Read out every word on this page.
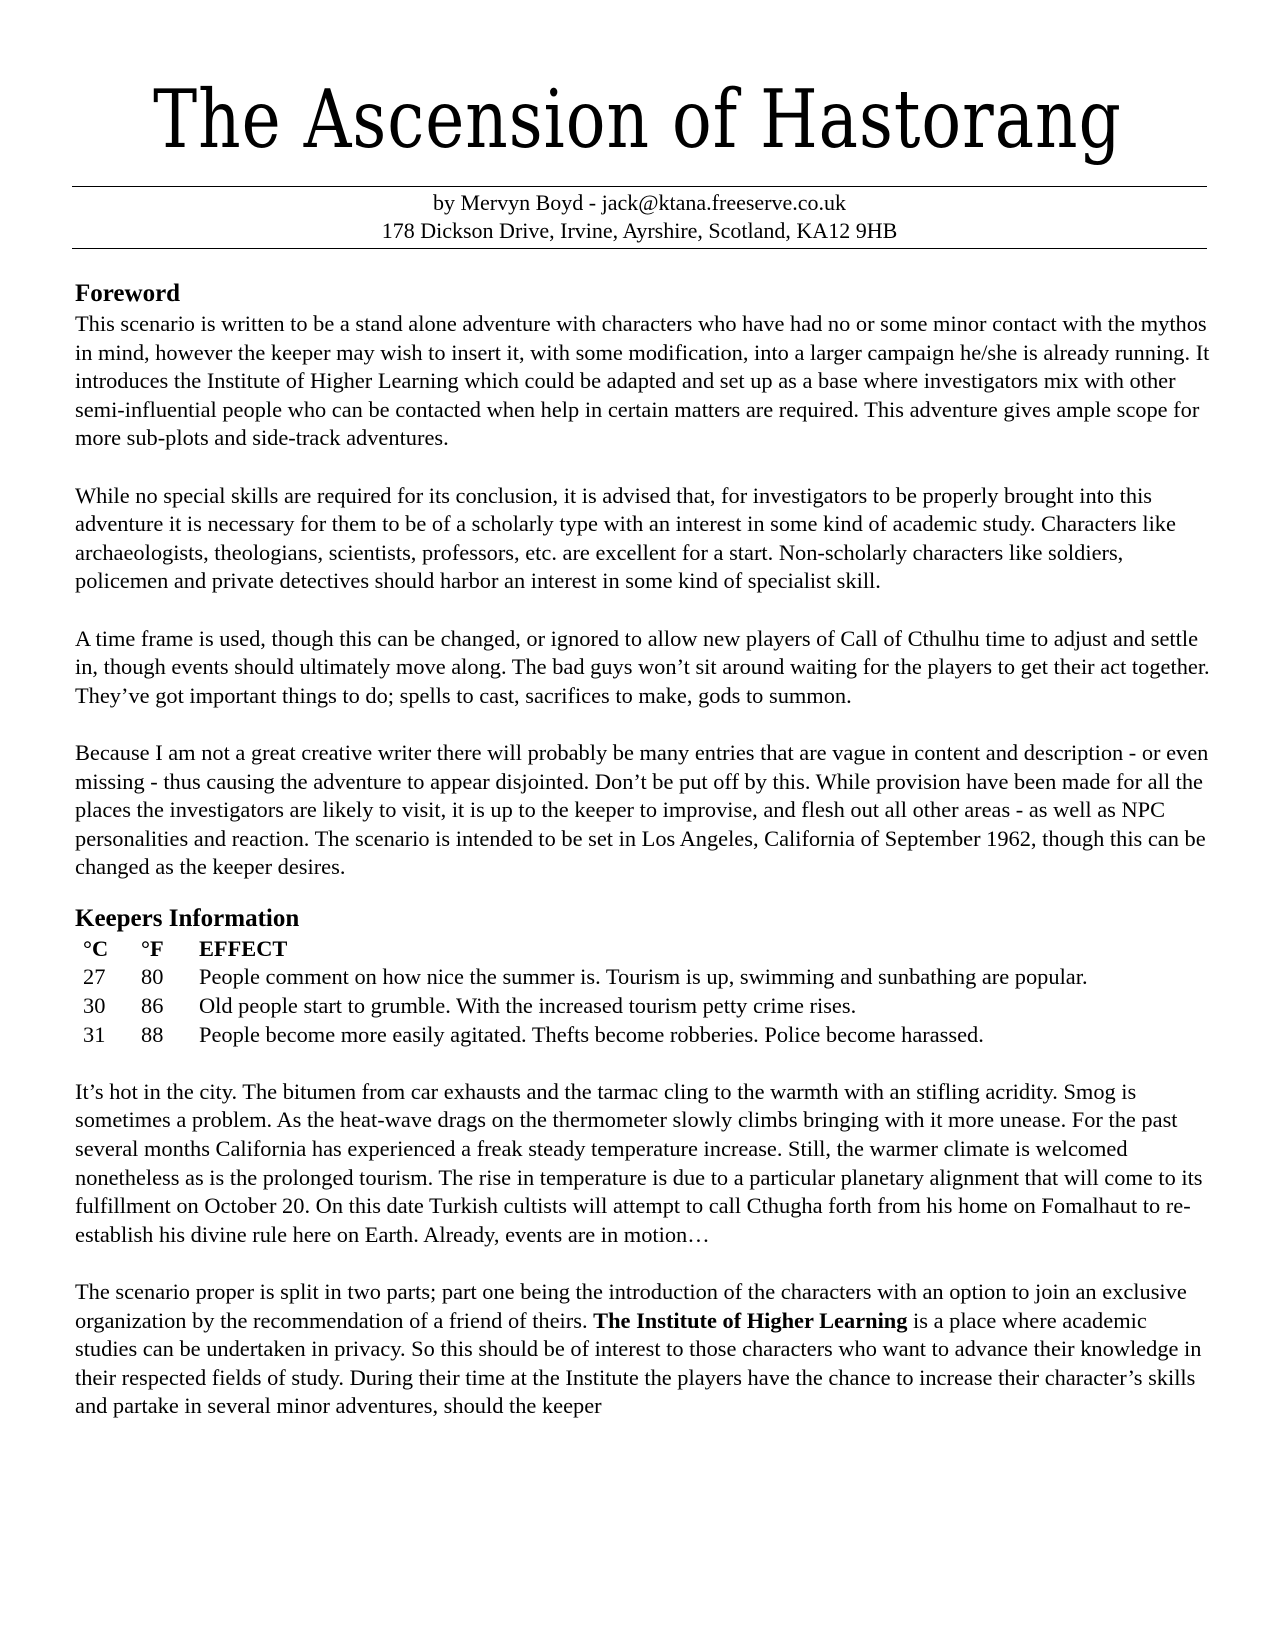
The Ascension of Hastorang
by Mervyn Boyd - jack@ktana.freeserve.co.uk
178 Dickson Drive, Irvine, Ayrshire, Scotland, KA12 9HB
Foreword

This scenario is written to be a stand alone adventure with characters who have had no or some minor contact with the mythos in mind, however the keeper may wish to insert it, with some modification, into a larger campaign he/she is already running. It introduces the Institute of Higher Learning which could be adapted and set up as a base where investigators mix with other semi-influential people who can be contacted when help in certain matters are required. This adventure gives ample scope for more sub-plots and side-track adventures.

While no special skills are required for its conclusion, it is advised that, for investigators to be properly brought into this adventure it is necessary for them to be of a scholarly type with an interest in some kind of academic study. Characters like archaeologists, theologians, scientists, professors, etc. are excellent for a start. Non-scholarly characters like soldiers, policemen and private detectives should harbor an interest in some kind of specialist skill.

A time frame is used, though this can be changed, or ignored to allow new players of Call of Cthulhu time to adjust and settle in, though events should ultimately move along. The bad guys won’t sit around waiting for the players to get their act together. They’ve got important things to do; spells to cast, sacrifices to make, gods to summon.

Because I am not a great creative writer there will probably be many entries that are vague in content and description - or even missing - thus causing the adventure to appear disjointed. Don’t be put off by this. While provision have been made for all the places the investigators are likely to visit, it is up to the keeper to improvise, and flesh out all other areas - as well as NPC personalities and reaction. The scenario is intended to be set in Los Angeles, California of September 1962, though this can be changed as the keeper desires.

Keepers Information
°C	°F	EFFECT
27	80	People comment on how nice the summer is. Tourism is up, swimming and sunbathing are popular.
30	86	Old people start to grumble. With the increased tourism petty crime rises.
31	88	People become more easily agitated. Thefts become robberies. Police become harassed.

It’s hot in the city. The bitumen from car exhausts and the tarmac cling to the warmth with an stifling acridity. Smog is sometimes a problem. As the heat-wave drags on the thermometer slowly climbs bringing with it more unease. For the past several months California has experienced a freak steady temperature increase. Still, the warmer climate is welcomed nonetheless as is the prolonged tourism. The rise in temperature is due to a particular planetary alignment that will come to its fulfillment on October 20. On this date Turkish cultists will attempt to call Cthugha forth from his home on Fomalhaut to re-establish his divine rule here on Earth. Already, events are in motion…

The scenario proper is split in two parts; part one being the introduction of the characters with an option to join an exclusive organization by the recommendation of a friend of theirs. The Institute of Higher Learning is a place where academic studies can be undertaken in privacy. So this should be of interest to those characters who want to advance their knowledge in their respected fields of study. During their time at the Institute the players have the chance to increase their character’s skills and partake in several minor adventures, should the keeper
